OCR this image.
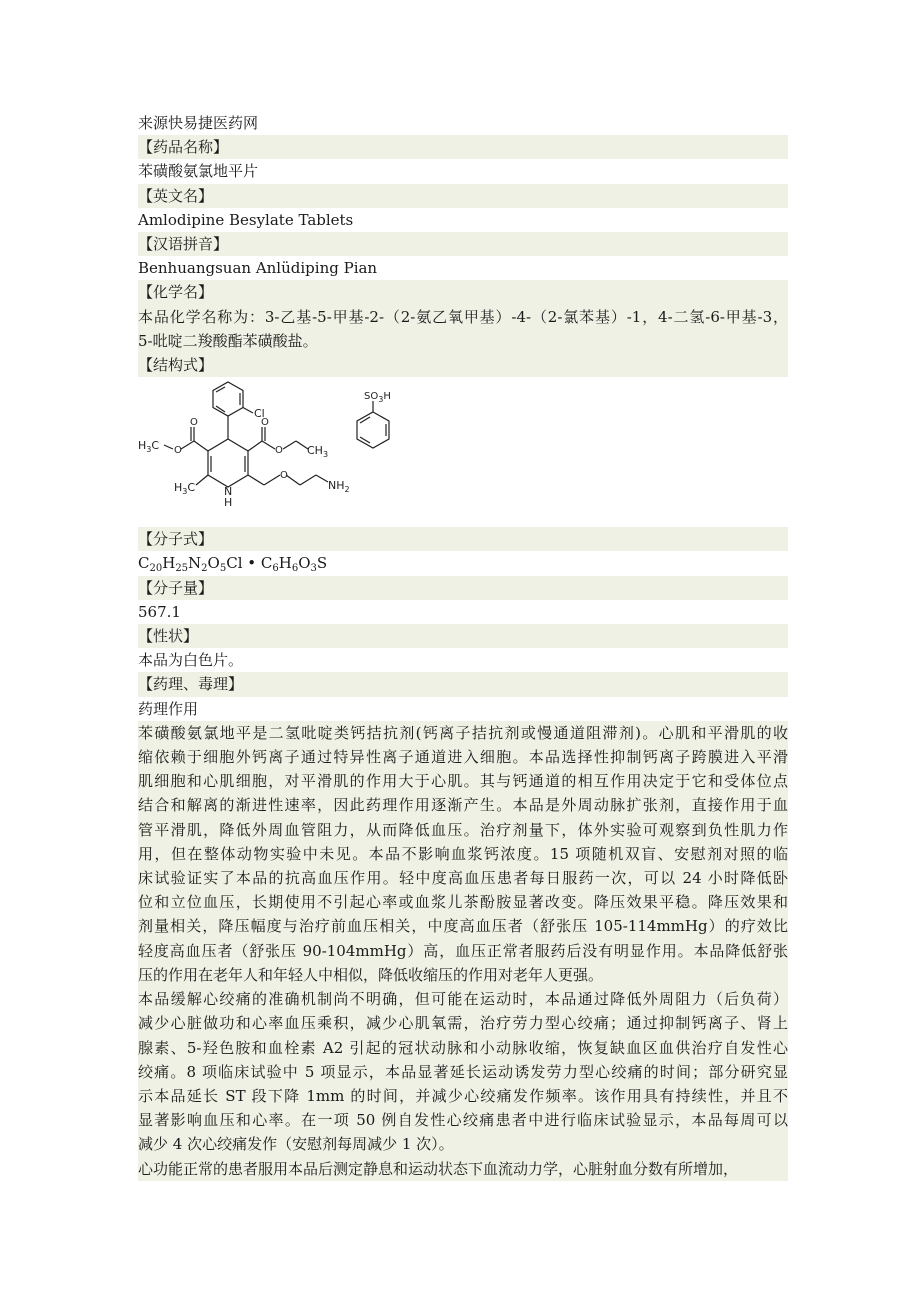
来源快易捷医药网
【药品名称】
苯磺酸氨氯地平片
【英文名】
Amlodipine Besylate Tablets
【汉语拼音】
Benhuangsuan Anlüdiping Pian
【化学名】
本品化学名称为：3-乙基-5-甲基-2-（2-氨乙氧甲基）-4-（2-氯苯基）-1，4-二氢-6-甲基-3，
5-吡啶二羧酸酯苯磺酸盐。
【结构式】
Cl
O
O
O
O
O
$H_3C$	$CH_3$
$H_3C$	N
H
$NH_2$
$SO_3H$
【分子式】
$C_{20}H_{25}N_2O_5Cl$ • $C_6H_6O_3S$
【分子量】
567.1
【性状】
本品为白色片。
【药理、毒理】
药理作用
苯磺酸氨氯地平是二氢吡啶类钙拮抗剂(钙离子拮抗剂或慢通道阻滞剂)。心肌和平滑肌的收
缩依赖于细胞外钙离子通过特异性离子通道进入细胞。本品选择性抑制钙离子跨膜进入平滑
肌细胞和心肌细胞，对平滑肌的作用大于心肌。其与钙通道的相互作用决定于它和受体位点
结合和解离的渐进性速率，因此药理作用逐渐产生。本品是外周动脉扩张剂，直接作用于血
管平滑肌，降低外周血管阻力，从而降低血压。治疗剂量下，体外实验可观察到负性肌力作
用，但在整体动物实验中未见。本品不影响血浆钙浓度。15 项随机双盲、安慰剂对照的临
床试验证实了本品的抗高血压作用。轻中度高血压患者每日服药一次，可以 24 小时降低卧
位和立位血压，长期使用不引起心率或血浆儿茶酚胺显著改变。降压效果平稳。降压效果和
剂量相关，降压幅度与治疗前血压相关，中度高血压者（舒张压 105-114mmHg）的疗效比
轻度高血压者（舒张压 90-104mmHg）高，血压正常者服药后没有明显作用。本品降低舒张
压的作用在老年人和年轻人中相似，降低收缩压的作用对老年人更强。
本品缓解心绞痛的准确机制尚不明确，但可能在运动时，本品通过降低外周阻力（后负荷）
减少心脏做功和心率血压乘积，减少心肌氧需，治疗劳力型心绞痛；通过抑制钙离子、肾上
腺素、5-羟色胺和血栓素 A2 引起的冠状动脉和小动脉收缩，恢复缺血区血供治疗自发性心
绞痛。8 项临床试验中 5 项显示，本品显著延长运动诱发劳力型心绞痛的时间；部分研究显
示本品延长 ST 段下降 1mm 的时间，并减少心绞痛发作频率。该作用具有持续性，并且不
显著影响血压和心率。在一项 50 例自发性心绞痛患者中进行临床试验显示，本品每周可以
减少 4 次心绞痛发作（安慰剂每周减少 1 次）。
心功能正常的患者服用本品后测定静息和运动状态下血流动力学，心脏射血分数有所增加，
